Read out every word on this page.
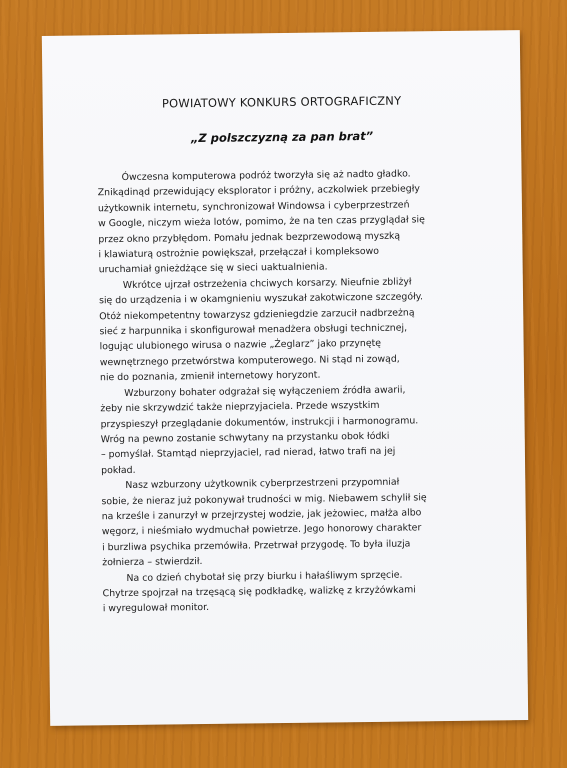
POWIATOWY KONKURS ORTOGRAFICZNY
„Z polszczyzną za pan brat”
Ówczesna komputerowa podróż tworzyła się aż nadto gładko.
Znikądinąd przewidujący eksplorator i próżny, aczkolwiek przebiegły
użytkownik internetu, synchronizował Windowsa i cyberprzestrzeń
w Google, niczym wieża lotów, pomimo, że na ten czas przyglądał się
przez okno przybłędom. Pomału jednak bezprzewodową myszką
i klawiaturą ostrożnie powiększał, przełączał i kompleksowo
uruchamiał gnieżdżące się w sieci uaktualnienia.
Wkrótce ujrzał ostrzeżenia chciwych korsarzy. Nieufnie zbliżył
się do urządzenia i w okamgnieniu wyszukał zakotwiczone szczegóły.
Otóż niekompetentny towarzysz gdzieniegdzie zarzucił nadbrzeżną
sieć z harpunnika i skonfigurował menadżera obsługi technicznej,
logując ulubionego wirusa o nazwie „Żeglarz” jako przynętę
wewnętrznego przetwórstwa komputerowego. Ni stąd ni zowąd,
nie do poznania, zmienił internetowy horyzont.
Wzburzony bohater odgrażał się wyłączeniem źródła awarii,
żeby nie skrzywdzić także nieprzyjaciela. Przede wszystkim
przyspieszył przeglądanie dokumentów, instrukcji i harmonogramu.
Wróg na pewno zostanie schwytany na przystanku obok łódki
– pomyślał. Stamtąd nieprzyjaciel, rad nierad, łatwo trafi na jej
pokład.
Nasz wzburzony użytkownik cyberprzestrzeni przypomniał
sobie, że nieraz już pokonywał trudności w mig. Niebawem schylił się
na krześle i zanurzył w przejrzystej wodzie, jak jeżowiec, małża albo
węgorz, i nieśmiało wydmuchał powietrze. Jego honorowy charakter
i burzliwa psychika przemówiła. Przetrwał przygodę. To była iluzja
żołnierza – stwierdził.
Na co dzień chybotał się przy biurku i hałaśliwym sprzęcie.
Chytrze spojrzał na trzęsącą się podkładkę, walizkę z krzyżówkami
i wyregulował monitor.
